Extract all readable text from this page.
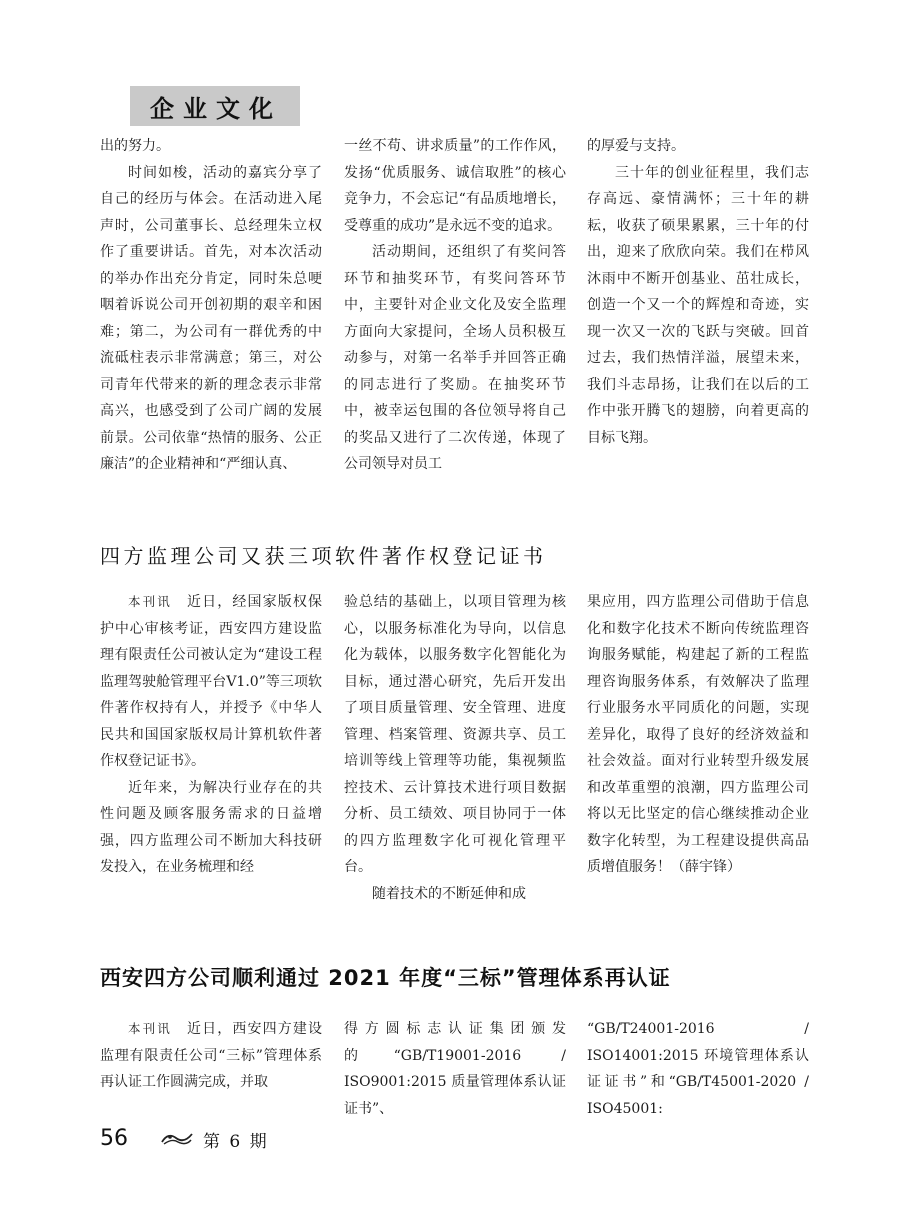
企业文化

出的努力。

时间如梭，活动的嘉宾分享了自己的经历与体会。在活动进入尾声时，公司董事长、总经理朱立权作了重要讲话。首先，对本次活动的举办作出充分肯定，同时朱总哽咽着诉说公司开创初期的艰辛和困难；第二，为公司有一群优秀的中流砥柱表示非常满意；第三，对公司青年代带来的新的理念表示非常高兴，也感受到了公司广阔的发展前景。公司依靠“热情的服务、公正廉洁”的企业精神和“严细认真、

一丝不苟、讲求质量”的工作作风，发扬“优质服务、诚信取胜”的核心竞争力，不会忘记“有品质地增长，受尊重的成功”是永远不变的追求。

活动期间，还组织了有奖问答环节和抽奖环节，有奖问答环节中，主要针对企业文化及安全监理方面向大家提问，全场人员积极互动参与，对第一名举手并回答正确的同志进行了奖励。在抽奖环节中，被幸运包围的各位领导将自己的奖品又进行了二次传递，体现了公司领导对员工

的厚爱与支持。

三十年的创业征程里，我们志存高远、豪情满怀；三十年的耕耘，收获了硕果累累，三十年的付出，迎来了欣欣向荣。我们在栉风沐雨中不断开创基业、茁壮成长，创造一个又一个的辉煌和奇迹，实现一次又一次的飞跃与突破。回首过去，我们热情洋溢，展望未来，我们斗志昂扬，让我们在以后的工作中张开腾飞的翅膀，向着更高的目标飞翔。

四方监理公司又获三项软件著作权登记证书

本刊讯　 近日，经国家版权保护中心审核考证，西安四方建设监理有限责任公司被认定为“建设工程监理驾驶舱管理平台V1.0”等三项软件著作权持有人，并授予《中华人民共和国国家版权局计算机软件著作权登记证书》。

近年来，为解决行业存在的共性问题及顾客服务需求的日益增强，四方监理公司不断加大科技研发投入，在业务梳理和经

验总结的基础上，以项目管理为核心，以服务标准化为导向，以信息化为载体，以服务数字化智能化为目标，通过潜心研究，先后开发出了项目质量管理、安全管理、进度管理、档案管理、资源共享、员工培训等线上管理等功能，集视频监控技术、云计算技术进行项目数据分析、员工绩效、项目协同于一体的四方监理数字化可视化管理平台。

随着技术的不断延伸和成

果应用，四方监理公司借助于信息化和数字化技术不断向传统监理咨询服务赋能，构建起了新的工程监理咨询服务体系，有效解决了监理行业服务水平同质化的问题，实现差异化，取得了良好的经济效益和社会效益。面对行业转型升级发展和改革重塑的浪潮，四方监理公司将以无比坚定的信心继续推动企业数字化转型，为工程建设提供高品质增值服务！（薛宇锋）

西安四方公司顺利通过 2021 年度“三标”管理体系再认证

本刊讯　 近日，西安四方建设监理有限责任公司“三标”管理体系再认证工作圆满完成，并取

得方圆标志认证集团颁发的“GB/T19001-2016 / ISO9001:2015 质量管理体系认证证书”、

“GB/T24001-2016 / ISO14001:2015 环境管理体系认证证书”和“GB/T45001-2020 / ISO45001:

56	第 6 期
